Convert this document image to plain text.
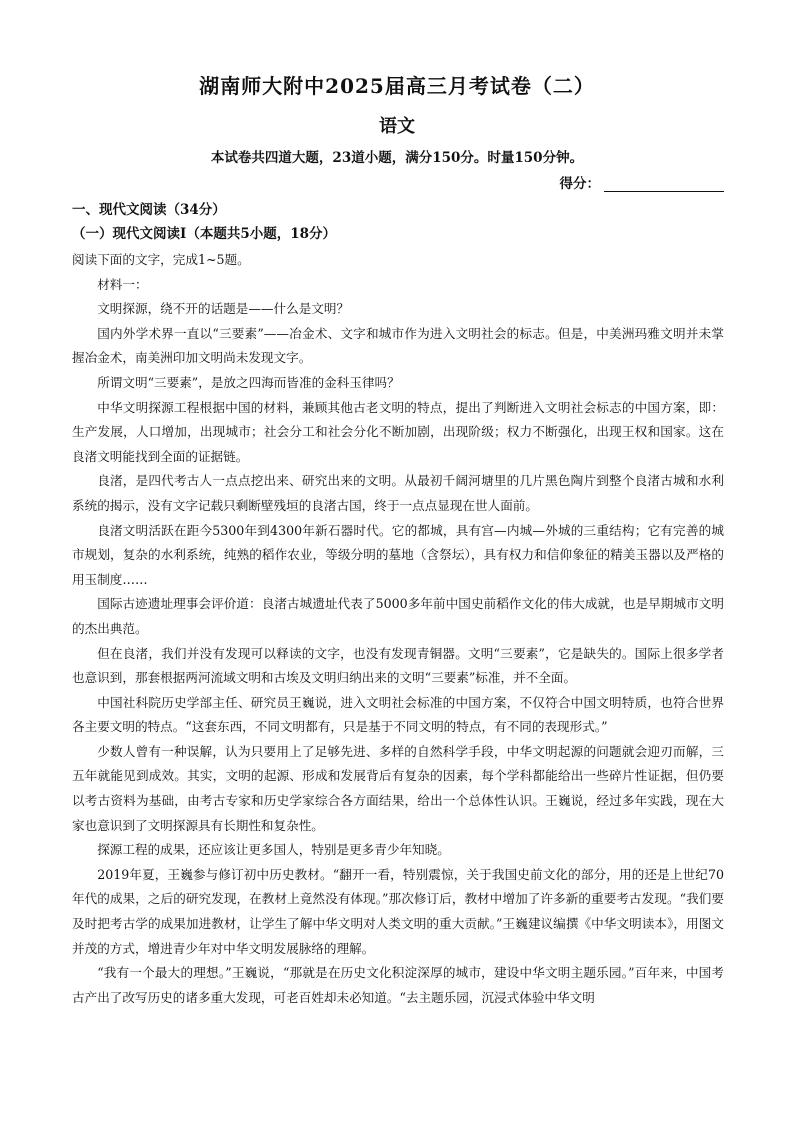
湖南师大附中2025届高三月考试卷（二）
语文
本试卷共四道大题，23道小题，满分150分。时量150分钟。
得分：
一、现代文阅读（34分）
（一）现代文阅读Ⅰ（本题共5小题，18分）

阅读下面的文字，完成1~5题。

材料一：

文明探源，绕不开的话题是——什么是文明？

国内外学术界一直以“三要素”——冶金术、文字和城市作为进入文明社会的标志。但是，中美洲玛雅文明并未掌握冶金术，南美洲印加文明尚未发现文字。

所谓文明“三要素”，是放之四海而皆准的金科玉律吗？

中华文明探源工程根据中国的材料，兼顾其他古老文明的特点，提出了判断进入文明社会标志的中国方案，即：生产发展，人口增加，出现城市；社会分工和社会分化不断加剧，出现阶级；权力不断强化，出现王权和国家。这在良渚文明能找到全面的证据链。

良渚，是四代考古人一点点挖出来、研究出来的文明。从最初千阔河塘里的几片黑色陶片到整个良渚古城和水利系统的揭示，没有文字记载只剩断壁残垣的良渚古国，终于一点点显现在世人面前。

良渚文明活跃在距今5300年到4300年新石器时代。它的都城，具有宫—内城—外城的三重结构；它有完善的城市规划，复杂的水利系统，纯熟的稻作农业，等级分明的墓地（含祭坛），具有权力和信仰象征的精美玉器以及严格的用玉制度……

国际古迹遗址理事会评价道：良渚古城遗址代表了5000多年前中国史前稻作文化的伟大成就，也是早期城市文明的杰出典范。

但在良渚，我们并没有发现可以释读的文字，也没有发现青铜器。文明“三要素”，它是缺失的。国际上很多学者也意识到，那套根据两河流域文明和古埃及文明归纳出来的文明“三要素”标准，并不全面。

中国社科院历史学部主任、研究员王巍说，进入文明社会标准的中国方案，不仅符合中国文明特质，也符合世界各主要文明的特点。“这套东西，不同文明都有，只是基于不同文明的特点，有不同的表现形式。”

少数人曾有一种误解，认为只要用上了足够先进、多样的自然科学手段，中华文明起源的问题就会迎刃而解，三五年就能见到成效。其实，文明的起源、形成和发展背后有复杂的因素，每个学科都能给出一些碎片性证据，但仍要以考古资料为基础，由考古专家和历史学家综合各方面结果，给出一个总体性认识。王巍说，经过多年实践，现在大家也意识到了文明探源具有长期性和复杂性。

探源工程的成果，还应该让更多国人，特别是更多青少年知晓。

2019年夏，王巍参与修订初中历史教材。“翻开一看，特别震惊，关于我国史前文化的部分，用的还是上世纪70年代的成果，之后的研究发现，在教材上竟然没有体现。”那次修订后，教材中增加了许多新的重要考古发现。“我们要及时把考古学的成果加进教材，让学生了解中华文明对人类文明的重大贡献。”王巍建议编撰《中华文明读本》，用图文并茂的方式，增进青少年对中华文明发展脉络的理解。

“我有一个最大的理想。”王巍说，“那就是在历史文化积淀深厚的城市，建设中华文明主题乐园。”百年来，中国考古产出了改写历史的诸多重大发现，可老百姓却未必知道。“去主题乐园，沉浸式体验中华文明
